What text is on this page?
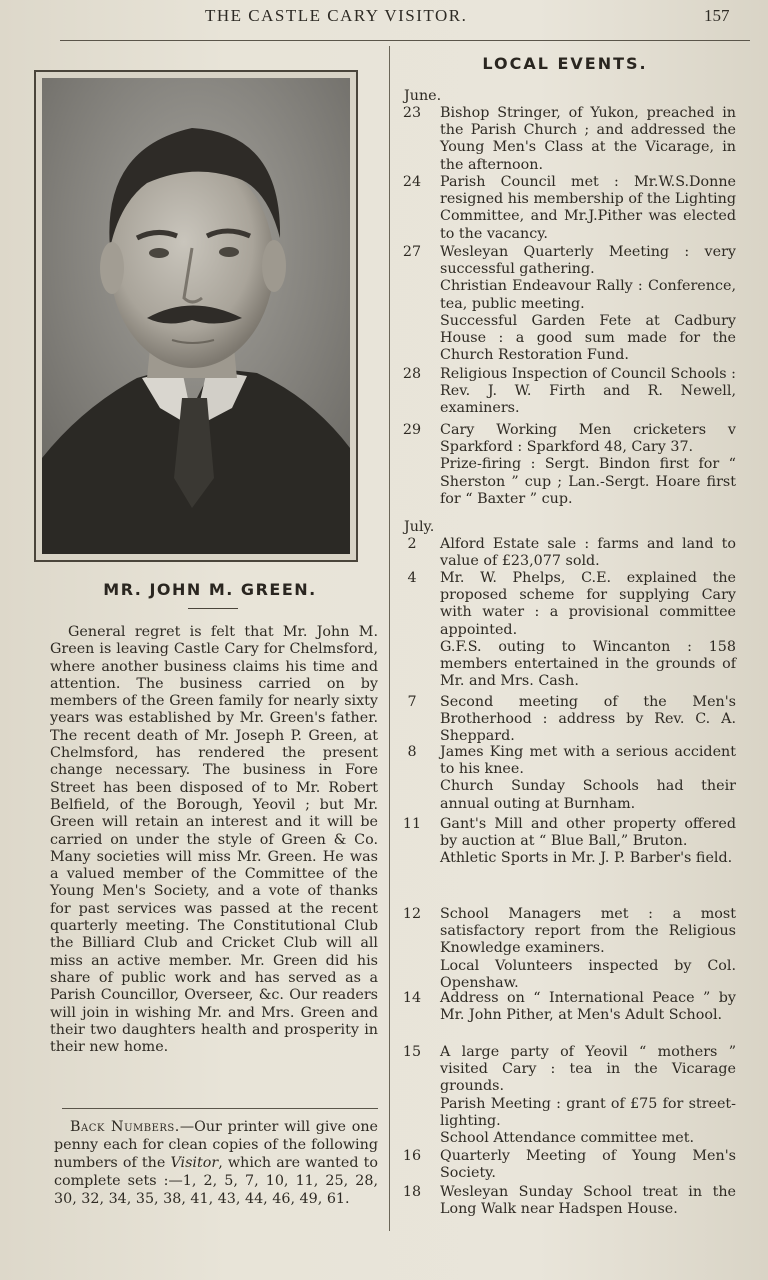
THE CASTLE CARY VISITOR.	157
MR. JOHN M. GREEN.
General regret is felt that Mr. John M. Green is leaving Castle Cary for Chelmsford, where another business claims his time and attention. The business carried on by members of the Green family for nearly sixty years was established by Mr. Green's father. The recent death of Mr. Joseph P. Green, at Chelmsford, has rendered the present change necessary. The business in Fore Street has been disposed of to Mr. Robert Belfield, of the Borough, Yeovil ; but Mr. Green will retain an interest and it will be carried on under the style of Green & Co. Many societies will miss Mr. Green. He was a valued member of the Committee of the Young Men's Society, and a vote of thanks for past services was passed at the recent quarterly meeting. The Constitutional Club the Billiard Club and Cricket Club will all miss an active member. Mr. Green did his share of public work and has served as a Parish Councillor, Overseer, &c. Our readers will join in wishing Mr. and Mrs. Green and their two daughters health and prosperity in their new home.
Back Numbers.—Our printer will give one penny each for clean copies of the following numbers of the Visitor, which are wanted to complete sets :—1, 2, 5, 7, 10, 11, 25, 28, 30, 32, 34, 35, 38, 41, 43, 44, 46, 49, 61.
LOCAL EVENTS.
June.
23	Bishop Stringer, of Yukon, preached in the Parish Church ; and addressed the Young Men's Class at the Vicarage, in the afternoon.

24	Parish Council met : Mr.W.S.Donne resigned his membership of the Lighting Committee, and Mr.J.Pither was elected to the vacancy.

27	Wesleyan Quarterly Meeting : very successful gathering.

Christian Endeavour Rally : Conference, tea, public meeting.

Successful Garden Fete at Cadbury House : a good sum made for the Church Restoration Fund.

28	Religious Inspection of Council Schools : Rev. J. W. Firth and R. Newell, examiners.

29	Cary Working Men cricketers v Sparkford : Sparkford 48, Cary 37.

Prize-firing : Sergt. Bindon first for “ Sherston ” cup ; Lan.-Sergt. Hoare first for “ Baxter ” cup.

July.
2	Alford Estate sale : farms and land to value of £23,077 sold.

4	Mr. W. Phelps, C.E. explained the proposed scheme for supplying Cary with water : a provisional committee appointed.

G.F.S. outing to Wincanton : 158 members entertained in the grounds of Mr. and Mrs. Cash.

7	Second meeting of the Men's Brotherhood : address by Rev. C. A. Sheppard.

8	James King met with a serious accident to his knee.

Church Sunday Schools had their annual outing at Burnham.

11	Gant's Mill and other property offered by auction at “ Blue Ball,” Bruton.

Athletic Sports in Mr. J. P. Barber's field.

12	School Managers met : a most satisfactory report from the Religious Knowledge examiners.

Local Volunteers inspected by Col. Openshaw.

14	Address on “ International Peace ” by Mr. John Pither, at Men's Adult School.

15	A large party of Yeovil “ mothers ” visited Cary : tea in the Vicarage grounds.

Parish Meeting : grant of £75 for street-lighting.

School Attendance committee met.

16	Quarterly Meeting of Young Men's Society.

18	Wesleyan Sunday School treat in the Long Walk near Hadspen House.
